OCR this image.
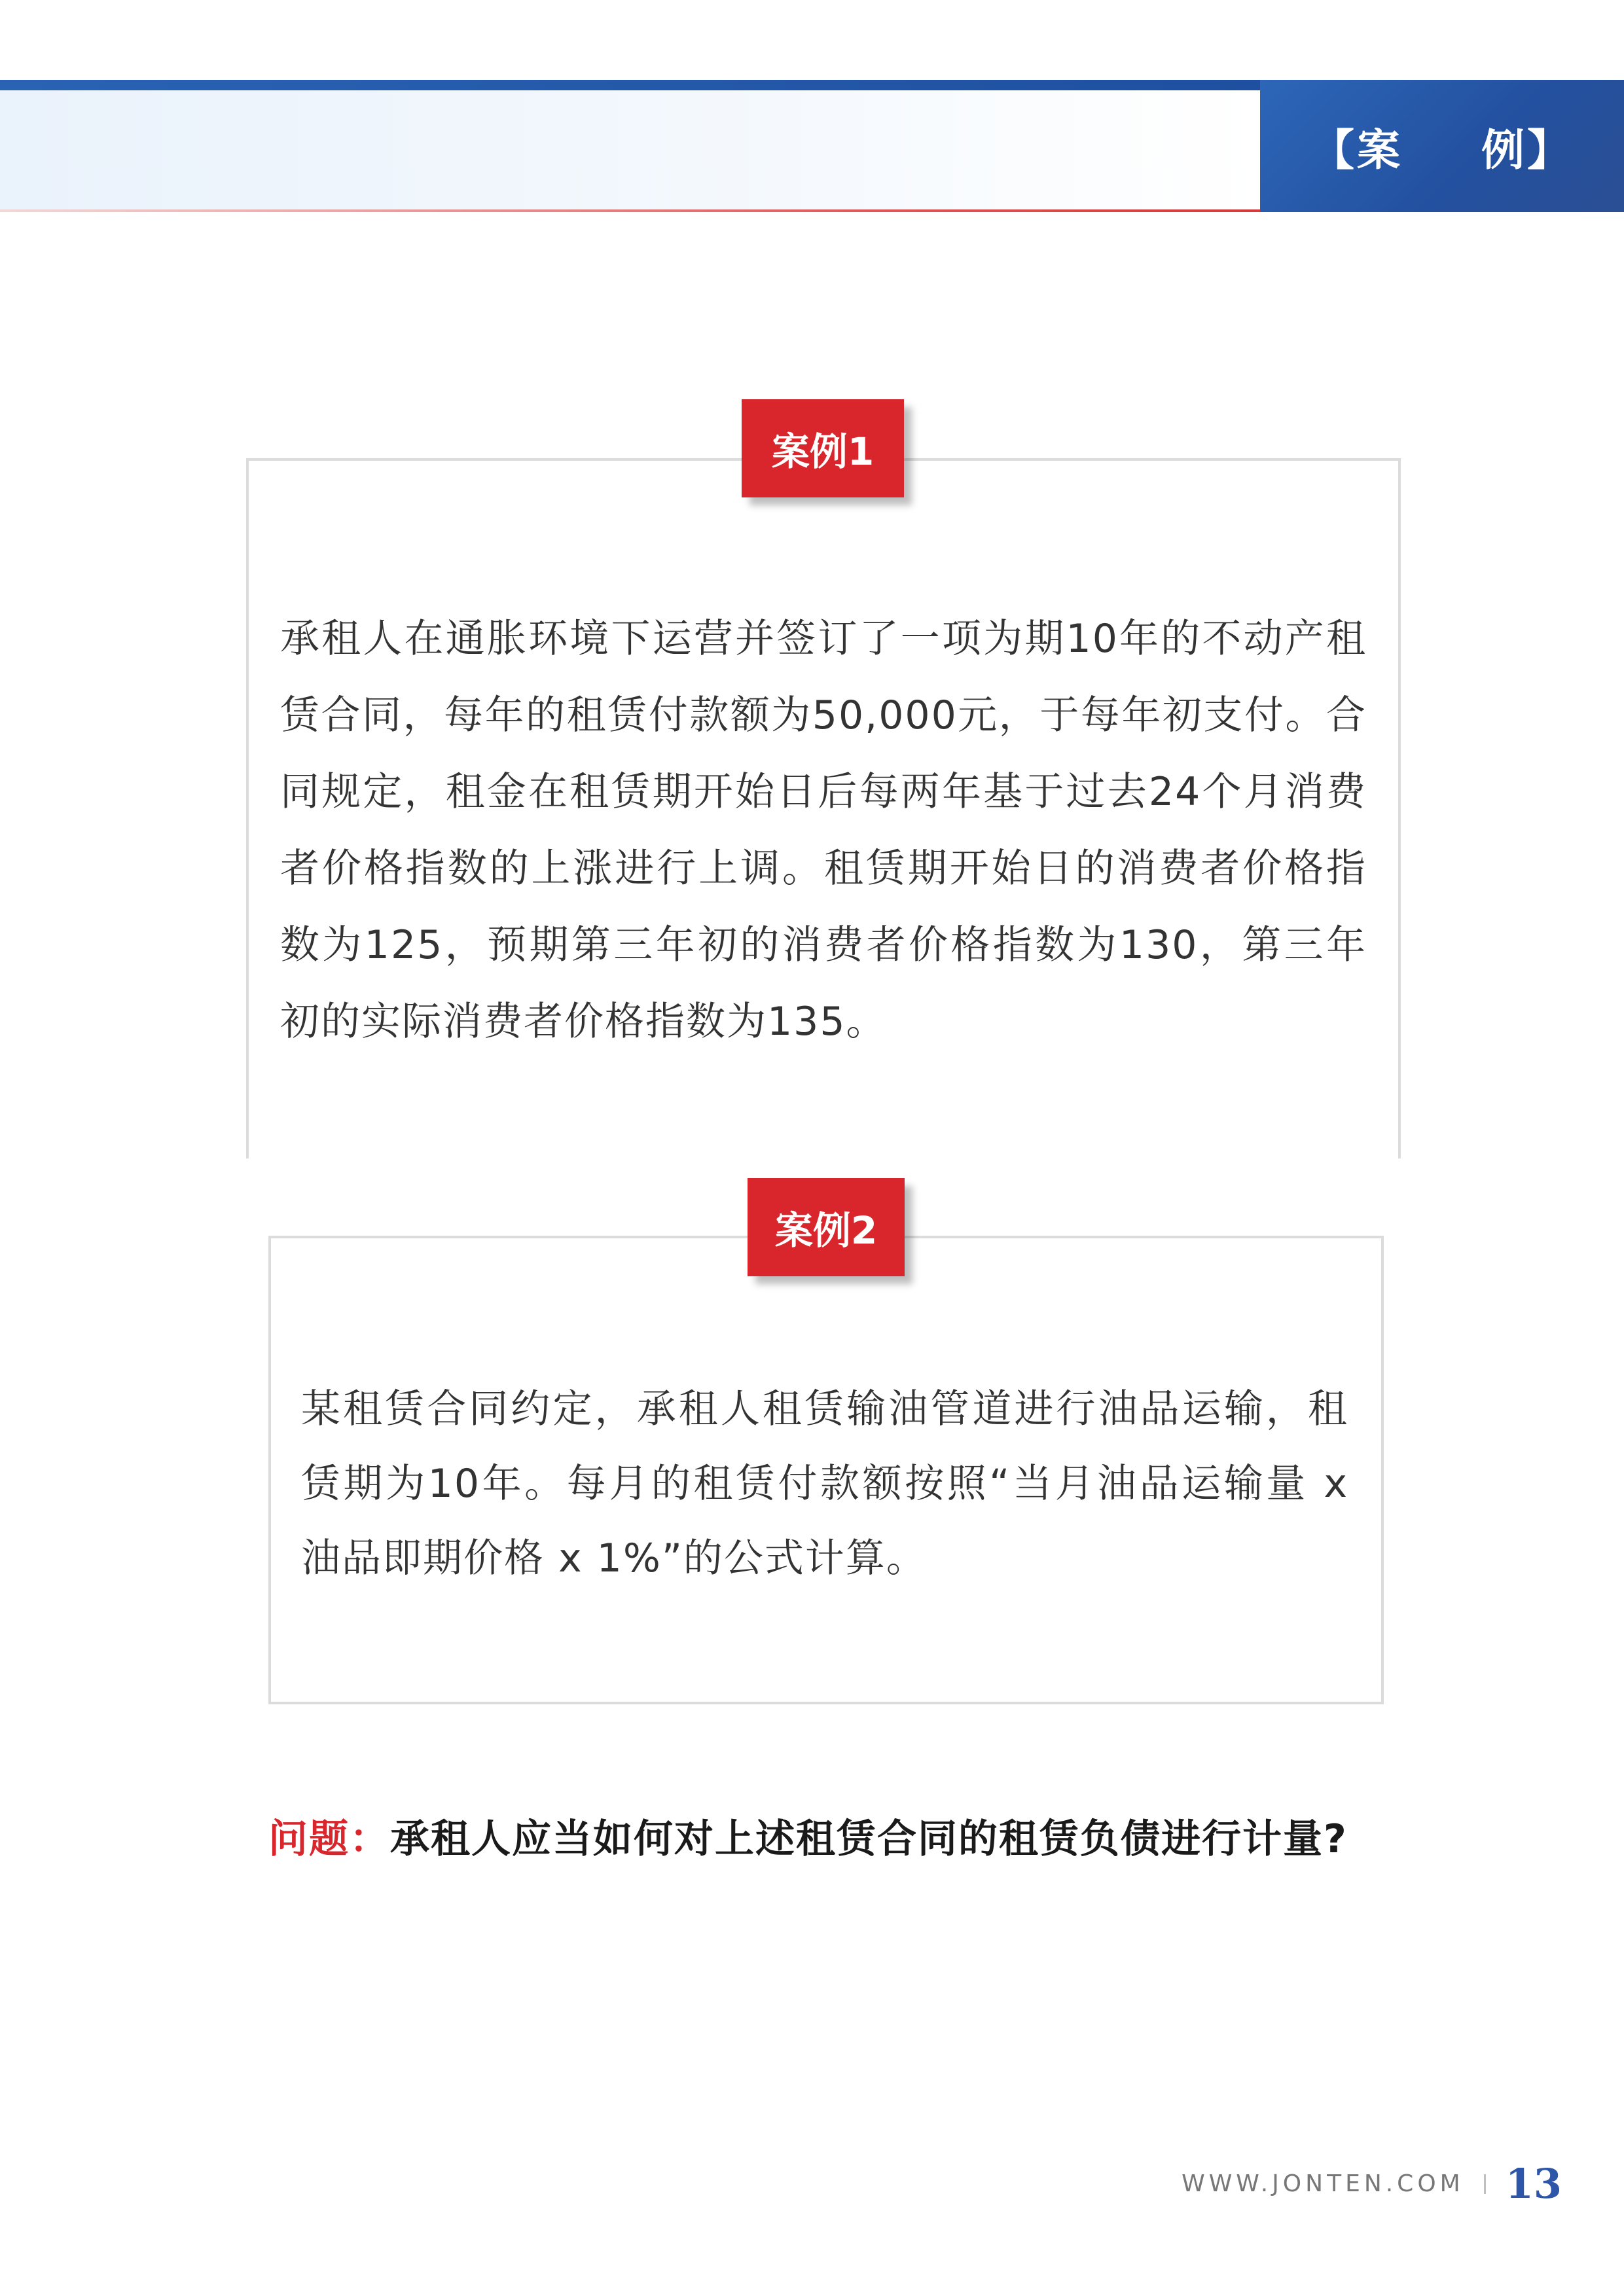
【案 例】
案例1
承租人在通胀环境下运营并签订了一项为期10年的不动产租赁合同，每年的租赁付款额为50,000元，于每年初支付。合同规定，租金在租赁期开始日后每两年基于过去24个月消费者价格指数的上涨进行上调。租赁期开始日的消费者价格指数为125，预期第三年初的消费者价格指数为130，第三年初的实际消费者价格指数为135。
案例2
某租赁合同约定，承租人租赁输油管道进行油品运输，租赁期为10年。每月的租赁付款额按照“当月油品运输量 x 油品即期价格 x 1%”的公式计算。
问题：承租人应当如何对上述租赁合同的租赁负债进行计量?
WWW.JONTEN.COM 13
